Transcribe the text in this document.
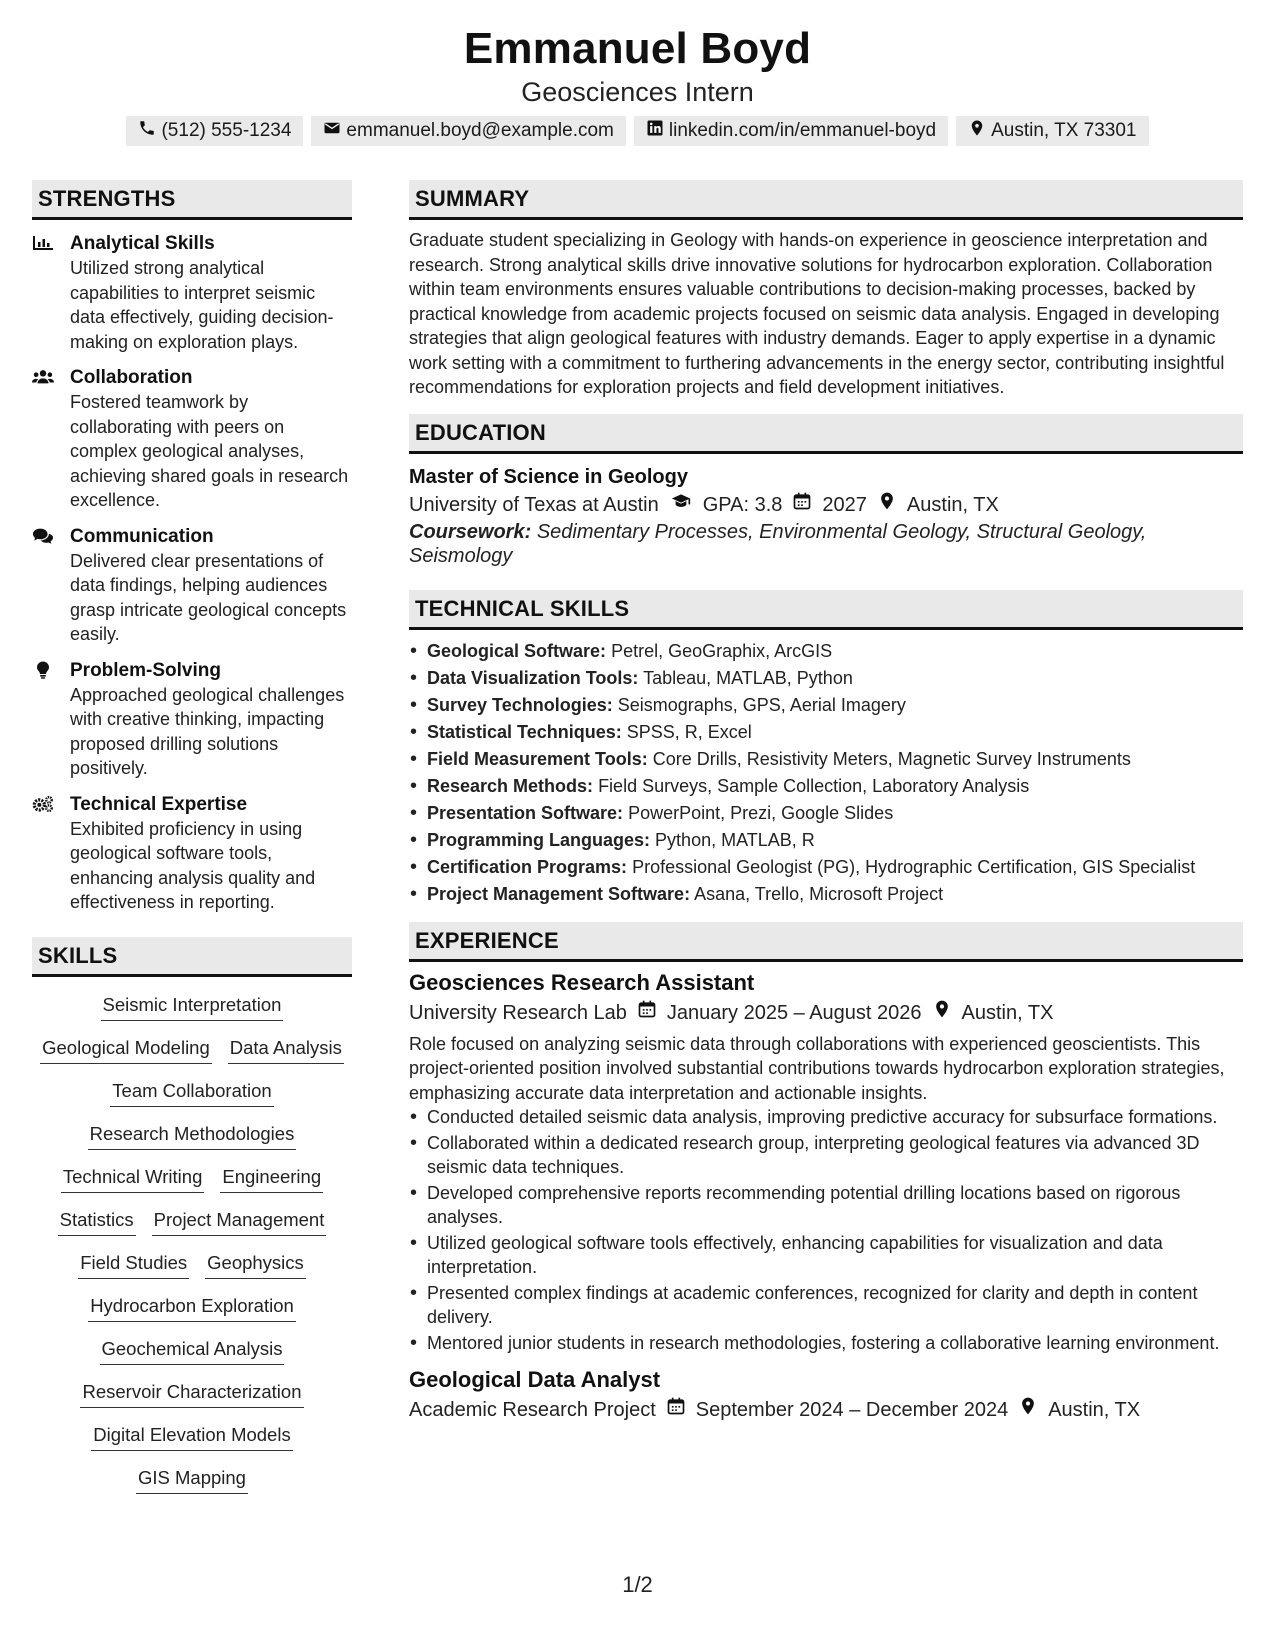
Emmanuel Boyd
Geosciences Intern
(512) 555-1234	emmanuel.boyd@example.com	linkedin.com/in/emmanuel-boyd	Austin, TX 73301
STRENGTHS
Analytical Skills
Utilized strong analytical capabilities to interpret seismic data effectively, guiding decision-making on exploration plays.
Collaboration
Fostered teamwork by collaborating with peers on complex geological analyses, achieving shared goals in research excellence.
Communication
Delivered clear presentations of data findings, helping audiences grasp intricate geological concepts easily.
Problem-Solving
Approached geological challenges with creative thinking, impacting proposed drilling solutions positively.
Technical Expertise
Exhibited proficiency in using geological software tools, enhancing analysis quality and effectiveness in reporting.
SKILLS
Seismic Interpretation
Geological Modeling Data Analysis
Team Collaboration
Research Methodologies
Technical Writing Engineering
Statistics Project Management
Field Studies Geophysics
Hydrocarbon Exploration
Geochemical Analysis
Reservoir Characterization
Digital Elevation Models
GIS Mapping
SUMMARY
Graduate student specializing in Geology with hands-on experience in geoscience interpretation and research. Strong analytical skills drive innovative solutions for hydrocarbon exploration. Collaboration within team environments ensures valuable contributions to decision-making processes, backed by practical knowledge from academic projects focused on seismic data analysis. Engaged in developing strategies that align geological features with industry demands. Eager to apply expertise in a dynamic work setting with a commitment to furthering advancements in the energy sector, contributing insightful recommendations for exploration projects and field development initiatives.
EDUCATION
Master of Science in Geology
University of Texas at Austin GPA: 3.8 2027 Austin, TX
Coursework: Sedimentary Processes, Environmental Geology, Structural Geology, Seismology
TECHNICAL SKILLS
• Geological Software: Petrel, GeoGraphix, ArcGIS
• Data Visualization Tools: Tableau, MATLAB, Python
• Survey Technologies: Seismographs, GPS, Aerial Imagery
• Statistical Techniques: SPSS, R, Excel
• Field Measurement Tools: Core Drills, Resistivity Meters, Magnetic Survey Instruments
• Research Methods: Field Surveys, Sample Collection, Laboratory Analysis
• Presentation Software: PowerPoint, Prezi, Google Slides
• Programming Languages: Python, MATLAB, R
• Certification Programs: Professional Geologist (PG), Hydrographic Certification, GIS Specialist
• Project Management Software: Asana, Trello, Microsoft Project
EXPERIENCE
Geosciences Research Assistant
University Research Lab January 2025 – August 2026 Austin, TX
Role focused on analyzing seismic data through collaborations with experienced geoscientists. This project-oriented position involved substantial contributions towards hydrocarbon exploration strategies, emphasizing accurate data interpretation and actionable insights.
• Conducted detailed seismic data analysis, improving predictive accuracy for subsurface formations.
• Collaborated within a dedicated research group, interpreting geological features via advanced 3D seismic data techniques.
• Developed comprehensive reports recommending potential drilling locations based on rigorous analyses.
• Utilized geological software tools effectively, enhancing capabilities for visualization and data interpretation.
• Presented complex findings at academic conferences, recognized for clarity and depth in content delivery.
• Mentored junior students in research methodologies, fostering a collaborative learning environment.
Geological Data Analyst
Academic Research Project September 2024 – December 2024 Austin, TX
1/2
